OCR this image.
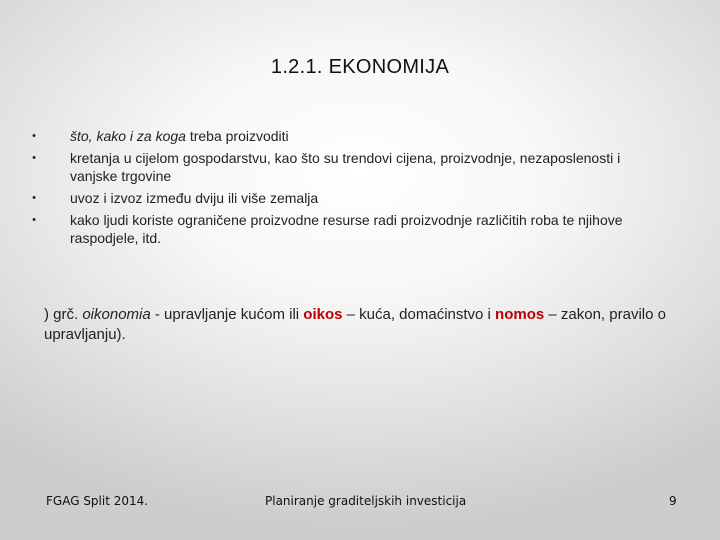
1.2.1. EKONOMIJA
• što, kako i za koga treba proizvoditi
• kretanja u cijelom gospodarstvu, kao što su trendovi cijena, proizvodnje, nezaposlenosti i vanjske trgovine
• uvoz i izvoz između dviju ili više zemalja
• kako ljudi koriste ograničene proizvodne resurse radi proizvodnje različitih roba te njihove raspodjele, itd.
) grč. oikonomia - upravljanje kućom ili oikos – kuća, domaćinstvo i nomos – zakon, pravilo o upravljanju).
FGAG Split 2014.	Planiranje graditeljskih investicija	9
